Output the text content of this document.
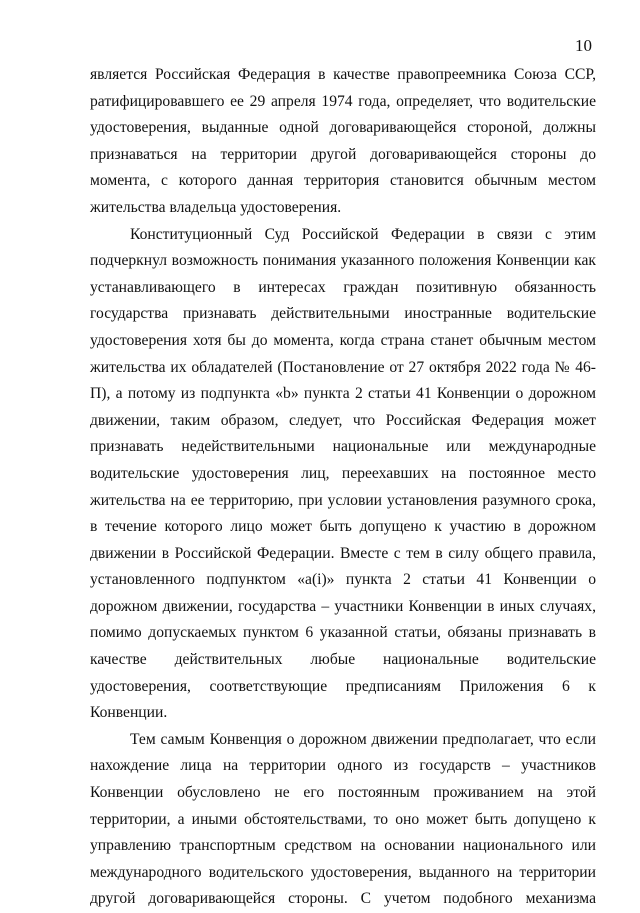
10

является Российская Федерация в качестве правопреемника Союза ССР, ратифицировавшего ее 29 апреля 1974 года, определяет, что водительские удостоверения, выданные одной договаривающейся стороной, должны признаваться на территории другой договаривающейся стороны до момента, с которого данная территория становится обычным местом жительства владельца удостоверения.

Конституционный Суд Российской Федерации в связи с этим подчеркнул возможность понимания указанного положения Конвенции как устанавливающего в интересах граждан позитивную обязанность государства признавать действительными иностранные водительские удостоверения хотя бы до момента, когда страна станет обычным местом жительства их обладателей (Постановление от 27 октября 2022 года № 46-П), а потому из подпункта «b» пункта 2 статьи 41 Конвенции о дорожном движении, таким образом, следует, что Российская Федерация может признавать недействительными национальные или международные водительские удостоверения лиц, переехавших на постоянное место жительства на ее территорию, при условии установления разумного срока, в течение которого лицо может быть допущено к участию в дорожном движении в Российской Федерации. Вместе с тем в силу общего правила, установленного подпунктом «a(i)» пункта 2 статьи 41 Конвенции о дорожном движении, государства – участники Конвенции в иных случаях, помимо допускаемых пунктом 6 указанной статьи, обязаны признавать в качестве действительных любые национальные водительские удостоверения, соответствующие предписаниям Приложения 6 к Конвенции.

Тем самым Конвенция о дорожном движении предполагает, что если нахождение лица на территории одного из государств – участников Конвенции обусловлено не его постоянным проживанием на этой территории, а иными обстоятельствами, то оно может быть допущено к управлению транспортным средством на основании национального или международного водительского удостоверения, выданного на территории другой договаривающейся стороны. С учетом подобного механизма
